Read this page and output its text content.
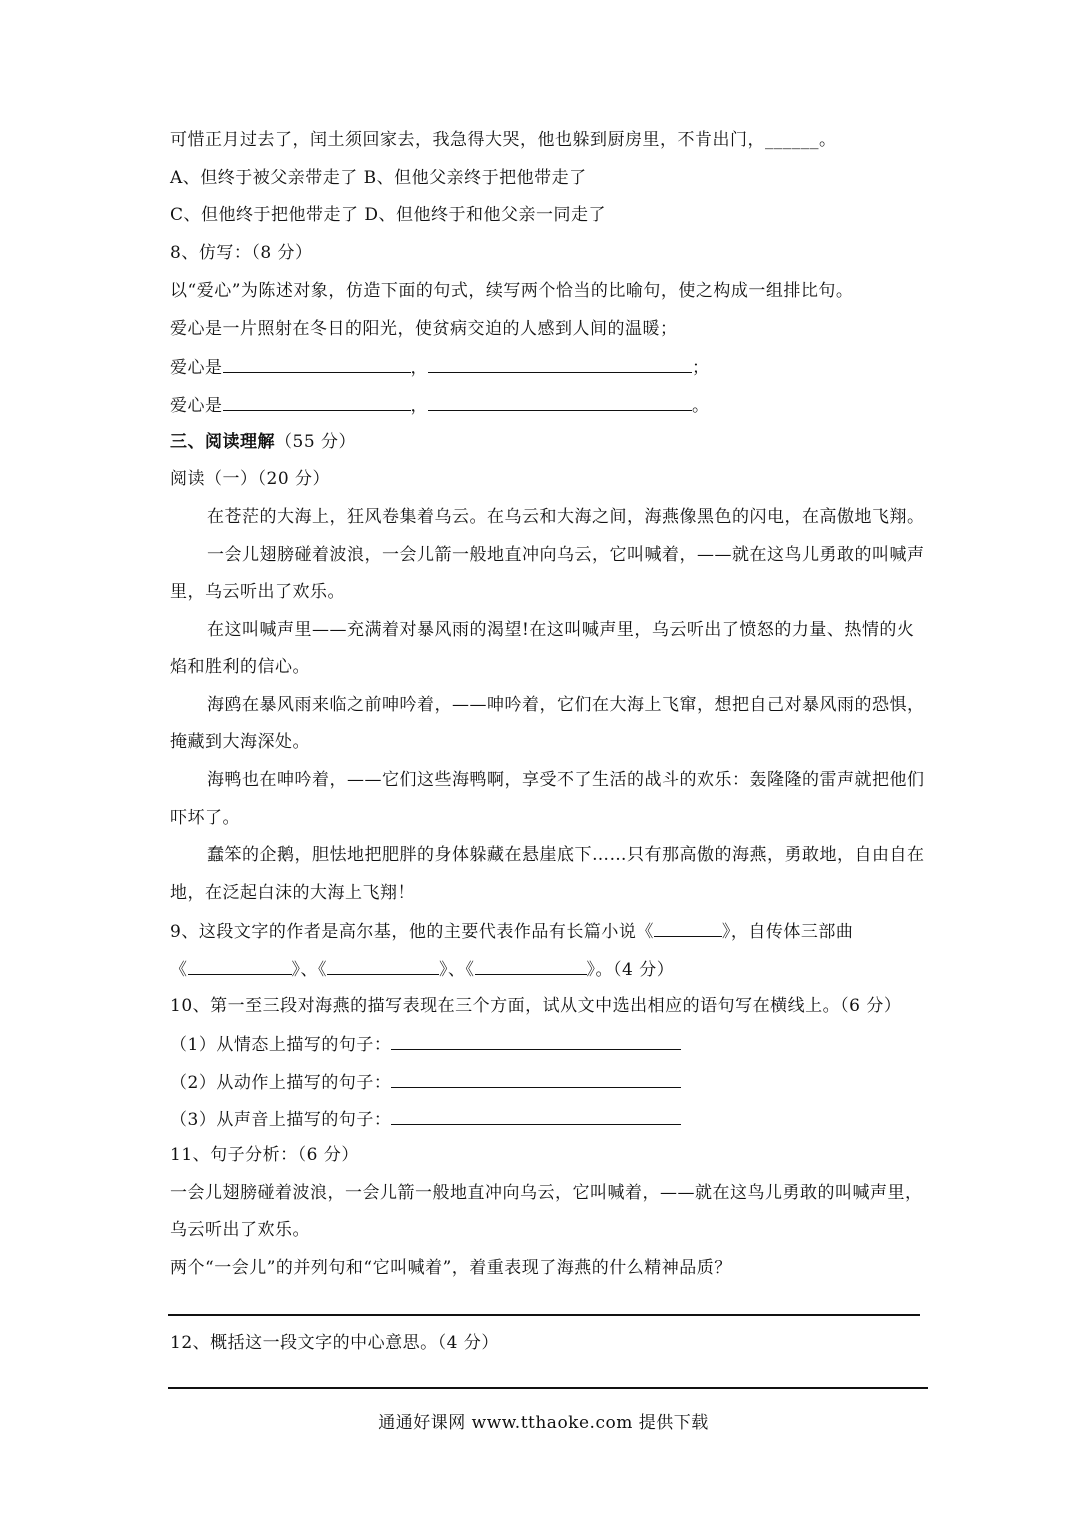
可惜正月过去了，闰土须回家去，我急得大哭，他也躲到厨房里，不肯出门，______。
A、但终于被父亲带走了 B、但他父亲终于把他带走了
C、但他终于把他带走了 D、但他终于和他父亲一同走了
8、仿写：（8 分）
以“爱心”为陈述对象，仿造下面的句式，续写两个恰当的比喻句，使之构成一组排比句。
爱心是一片照射在冬日的阳光，使贫病交迫的人感到人间的温暖；
爱心是	，	；
爱心是	，	。
三、阅读理解（55 分）
阅读（一）（20 分）
在苍茫的大海上，狂风卷集着乌云。在乌云和大海之间，海燕像黑色的闪电，在高傲地飞翔。
一会儿翅膀碰着波浪，一会儿箭一般地直冲向乌云，它叫喊着，——就在这鸟儿勇敢的叫喊声
里，乌云听出了欢乐。
在这叫喊声里——充满着对暴风雨的渴望!在这叫喊声里，乌云听出了愤怒的力量、热情的火
焰和胜利的信心。
海鸥在暴风雨来临之前呻吟着，——呻吟着，它们在大海上飞窜，想把自己对暴风雨的恐惧，
掩藏到大海深处。
海鸭也在呻吟着，——它们这些海鸭啊，享受不了生活的战斗的欢乐：轰隆隆的雷声就把他们
吓坏了。
蠢笨的企鹅，胆怯地把肥胖的身体躲藏在悬崖底下……只有那高傲的海燕，勇敢地，自由自在
地，在泛起白沫的大海上飞翔！
9、这段文字的作者是高尔基，他的主要代表作品有长篇小说《	》，自传体三部曲
《	》、《	》、《	》。（4 分）
10、第一至三段对海燕的描写表现在三个方面，试从文中选出相应的语句写在横线上。（6 分）
（1）从情态上描写的句子：
（2）从动作上描写的句子：
（3）从声音上描写的句子：
11、句子分析：（6 分）
一会儿翅膀碰着波浪，一会儿箭一般地直冲向乌云，它叫喊着，——就在这鸟儿勇敢的叫喊声里，
乌云听出了欢乐。
两个“一会儿”的并列句和“它叫喊着”，着重表现了海燕的什么精神品质？
12、概括这一段文字的中心意思。（4 分）
通通好课网 www.tthaoke.com 提供下载
